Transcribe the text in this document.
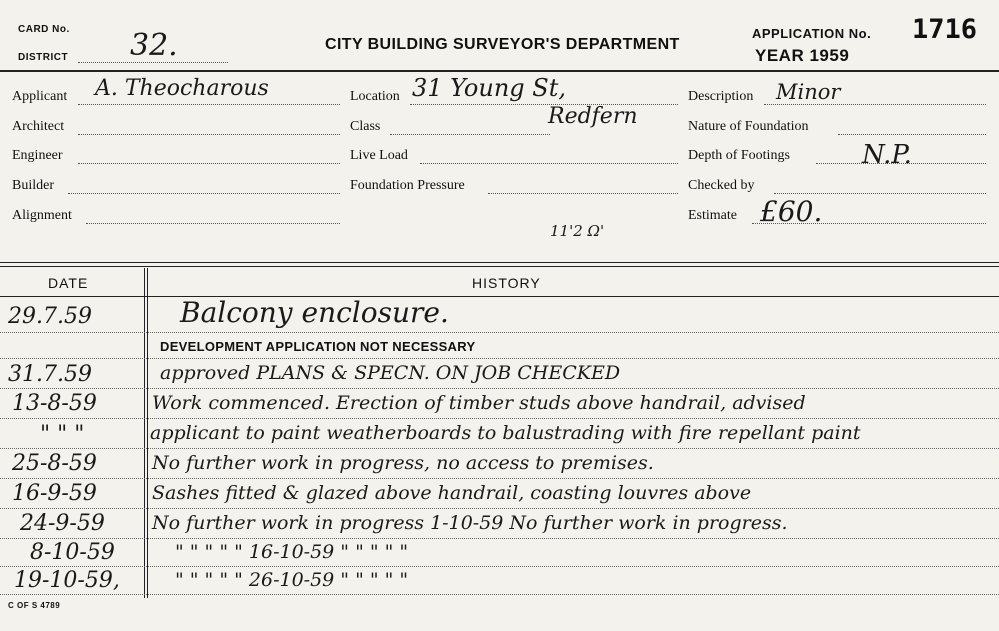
CARD No.
DISTRICT 32.	CITY BUILDING SURVEYOR'S DEPARTMENT
APPLICATION No.
YEAR 1959
1716
Applicant A. Theocharous
Architect
Engineer
Builder
Alignment
Location 31 Young St,
Redfern
Class
Live Load
Foundation Pressure
11'2 Ω'
Description Minor
Nature of Foundation
Depth of Footings	N.P.
Checked by
Estimate £60.
DATE	HISTORY
29.7.59	Balcony enclosure.
DEVELOPMENT APPLICATION NOT NECESSARY
31.7.59	approved PLANS & SPECN. ON JOB CHECKED
13-8-59	Work commenced. Erection of timber studs above handrail, advised
" " "	applicant to paint weatherboards to balustrading with fire repellant paint
25-8-59	No further work in progress, no access to premises.
16-9-59	Sashes fitted & glazed above handrail, coasting louvres above
24-9-59 No further work in progress 1-10-59 No further work in progress.
8-10-59	" " " " " 16-10-59 " " " " "
19-10-59,	" " " " " 26-10-59 " " " " "
C OF S 4789
